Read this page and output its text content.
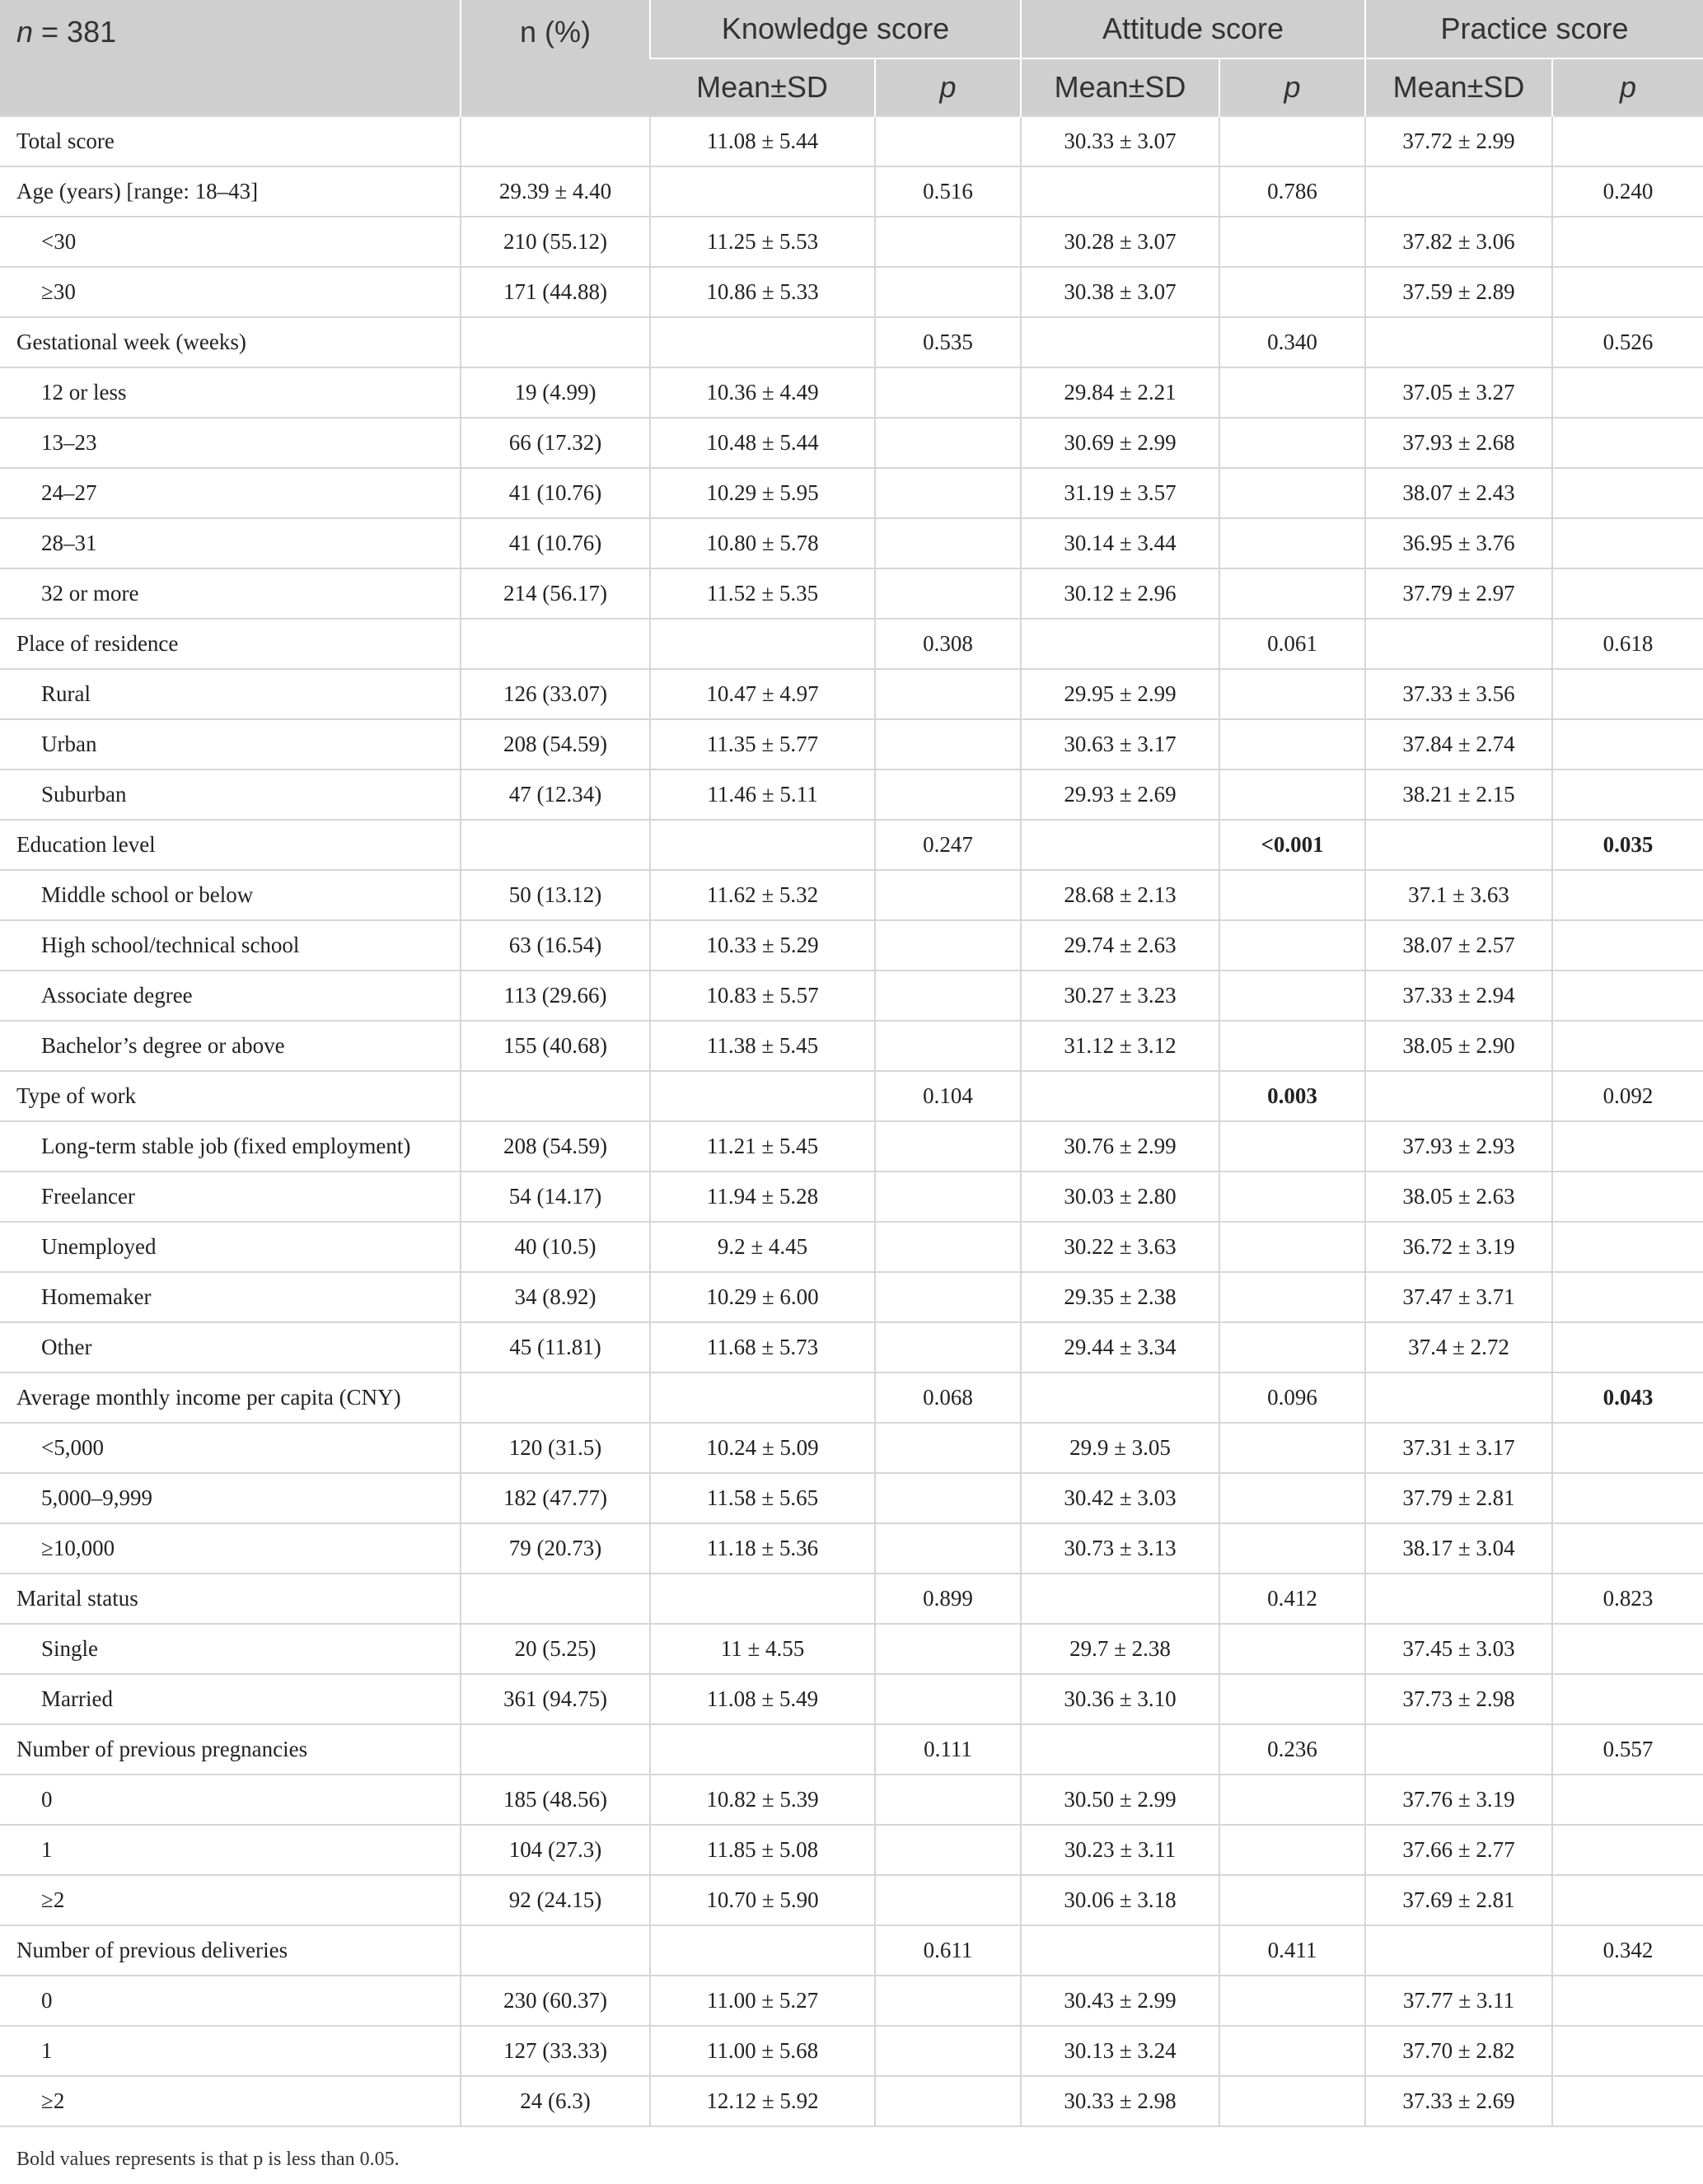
n = 381	n (%)	Knowledge score		Attitude score		Practice score	
		Mean±SD	p	Mean±SD	p	Mean±SD	p
Total score		11.08 ± 5.44		30.33 ± 3.07		37.72 ± 2.99	
Age (years) [range: 18–43]	29.39 ± 4.40		0.516		0.786		0.240
<30	210 (55.12)	11.25 ± 5.53		30.28 ± 3.07		37.82 ± 3.06	
≥30	171 (44.88)	10.86 ± 5.33		30.38 ± 3.07		37.59 ± 2.89	
Gestational week (weeks)			0.535		0.340		0.526
12 or less	19 (4.99)	10.36 ± 4.49		29.84 ± 2.21		37.05 ± 3.27	
13–23	66 (17.32)	10.48 ± 5.44		30.69 ± 2.99		37.93 ± 2.68	
24–27	41 (10.76)	10.29 ± 5.95		31.19 ± 3.57		38.07 ± 2.43	
28–31	41 (10.76)	10.80 ± 5.78		30.14 ± 3.44		36.95 ± 3.76	
32 or more	214 (56.17)	11.52 ± 5.35		30.12 ± 2.96		37.79 ± 2.97	
Place of residence			0.308		0.061		0.618
Rural	126 (33.07)	10.47 ± 4.97		29.95 ± 2.99		37.33 ± 3.56	
Urban	208 (54.59)	11.35 ± 5.77		30.63 ± 3.17		37.84 ± 2.74	
Suburban	47 (12.34)	11.46 ± 5.11		29.93 ± 2.69		38.21 ± 2.15	
Education level			0.247		<0.001		0.035
Middle school or below	50 (13.12)	11.62 ± 5.32		28.68 ± 2.13		37.1 ± 3.63	
High school/technical school	63 (16.54)	10.33 ± 5.29		29.74 ± 2.63		38.07 ± 2.57	
Associate degree	113 (29.66)	10.83 ± 5.57		30.27 ± 3.23		37.33 ± 2.94	
Bachelor’s degree or above	155 (40.68)	11.38 ± 5.45		31.12 ± 3.12		38.05 ± 2.90	
Type of work			0.104		0.003		0.092
Long-term stable job (fixed employment)	208 (54.59)	11.21 ± 5.45		30.76 ± 2.99		37.93 ± 2.93	
Freelancer	54 (14.17)	11.94 ± 5.28		30.03 ± 2.80		38.05 ± 2.63	
Unemployed	40 (10.5)	9.2 ± 4.45		30.22 ± 3.63		36.72 ± 3.19	
Homemaker	34 (8.92)	10.29 ± 6.00		29.35 ± 2.38		37.47 ± 3.71	
Other	45 (11.81)	11.68 ± 5.73		29.44 ± 3.34		37.4 ± 2.72	
Average monthly income per capita (CNY)			0.068		0.096		0.043
<5,000	120 (31.5)	10.24 ± 5.09		29.9 ± 3.05		37.31 ± 3.17	
5,000–9,999	182 (47.77)	11.58 ± 5.65		30.42 ± 3.03		37.79 ± 2.81	
≥10,000	79 (20.73)	11.18 ± 5.36		30.73 ± 3.13		38.17 ± 3.04	
Marital status			0.899		0.412		0.823
Single	20 (5.25)	11 ± 4.55		29.7 ± 2.38		37.45 ± 3.03	
Married	361 (94.75)	11.08 ± 5.49		30.36 ± 3.10		37.73 ± 2.98	
Number of previous pregnancies			0.111		0.236		0.557
0	185 (48.56)	10.82 ± 5.39		30.50 ± 2.99		37.76 ± 3.19	
1	104 (27.3)	11.85 ± 5.08		30.23 ± 3.11		37.66 ± 2.77	
≥2	92 (24.15)	10.70 ± 5.90		30.06 ± 3.18		37.69 ± 2.81	
Number of previous deliveries			0.611		0.411		0.342
0	230 (60.37)	11.00 ± 5.27		30.43 ± 2.99		37.77 ± 3.11	
1	127 (33.33)	11.00 ± 5.68		30.13 ± 3.24		37.70 ± 2.82	
≥2	24 (6.3)	12.12 ± 5.92		30.33 ± 2.98		37.33 ± 2.69	
Bold values represents is that p is less than 0.05.
